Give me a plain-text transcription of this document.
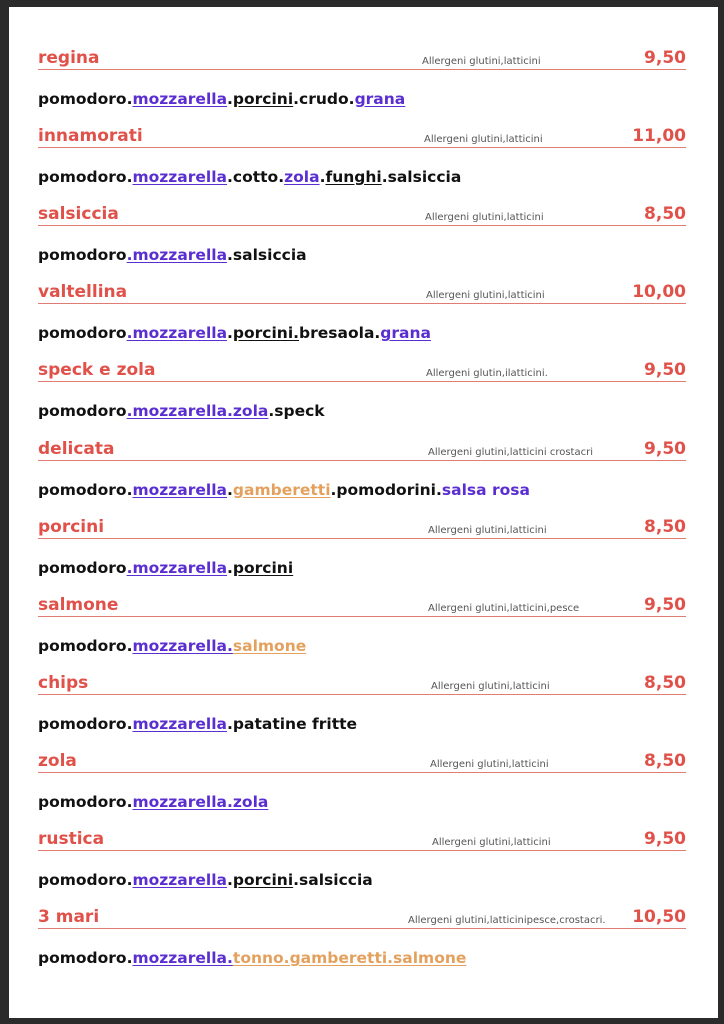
regina	Allergeni glutini,latticini	9,50
pomodoro.mozzarella.porcini.crudo.grana
innamorati	Allergeni glutini,latticini	11,00
pomodoro.mozzarella.cotto.zola.funghi.salsiccia
salsiccia	Allergeni glutini,latticini	8,50
pomodoro.mozzarella.salsiccia
valtellina	Allergeni glutini,latticini	10,00
pomodoro.mozzarella.porcini.bresaola.grana
speck e zola	Allergeni glutin,ilatticini.	9,50
pomodoro.mozzarella.zola.speck
delicata	Allergeni glutini,latticini crostacri	9,50
pomodoro.mozzarella.gamberetti.pomodorini.salsa rosa
porcini	Allergeni glutini,latticini	8,50
pomodoro.mozzarella.porcini
salmone	Allergeni glutini,latticini,pesce	9,50
pomodoro.mozzarella.salmone
chips	Allergeni glutini,latticini	8,50
pomodoro.mozzarella.patatine fritte
zola	Allergeni glutini,latticini	8,50
pomodoro.mozzarella.zola
rustica	Allergeni glutini,latticini	9,50
pomodoro.mozzarella.porcini.salsiccia
3 mari	Allergeni glutini,latticinipesce,crostacri. 10,50
pomodoro.mozzarella.tonno.gamberetti.salmone
